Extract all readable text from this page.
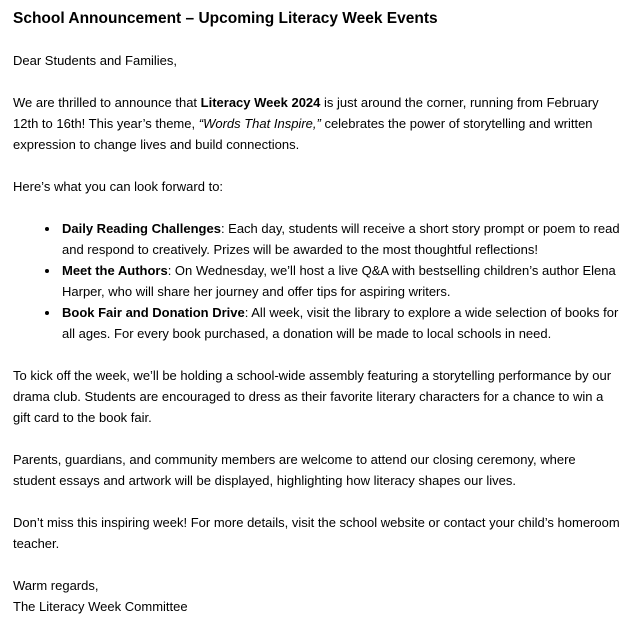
School Announcement – Upcoming Literacy Week Events

Dear Students and Families,

We are thrilled to announce that Literacy Week 2024 is just around the corner, running from February 12th to 16th! This year’s theme, “Words That Inspire,” celebrates the power of storytelling and written expression to change lives and build connections.

Here’s what you can look forward to:

• Daily Reading Challenges: Each day, students will receive a short story prompt or poem to read and respond to creatively. Prizes will be awarded to the most thoughtful reflections!
• Meet the Authors: On Wednesday, we’ll host a live Q&A with bestselling children’s author Elena Harper, who will share her journey and offer tips for aspiring writers.
• Book Fair and Donation Drive: All week, visit the library to explore a wide selection of books for all ages. For every book purchased, a donation will be made to local schools in need.

To kick off the week, we’ll be holding a school-wide assembly featuring a storytelling performance by our drama club. Students are encouraged to dress as their favorite literary characters for a chance to win a gift card to the book fair.

Parents, guardians, and community members are welcome to attend our closing ceremony, where student essays and artwork will be displayed, highlighting how literacy shapes our lives.

Don’t miss this inspiring week! For more details, visit the school website or contact your child’s homeroom teacher.

Warm regards,

The Literacy Week Committee
